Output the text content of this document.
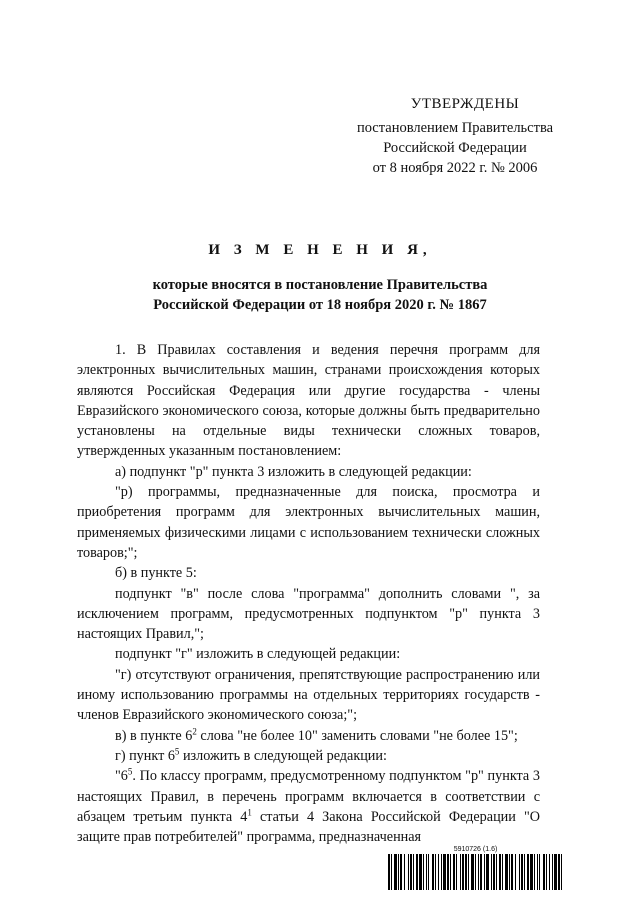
УТВЕРЖДЕНЫ
постановлением Правительства
Российской Федерации
от 8 ноября 2022 г. № 2006
И З М Е Н Е Н И Я,
которые вносятся в постановление Правительства
Российской Федерации от 18 ноября 2020 г. № 1867

1. В Правилах составления и ведения перечня программ для электронных вычислительных машин, странами происхождения которых являются Российская Федерация или другие государства - члены Евразийского экономического союза, которые должны быть предварительно установлены на отдельные виды технически сложных товаров, утвержденных указанным постановлением:

а) подпункт "р" пункта 3 изложить в следующей редакции:

"р) программы, предназначенные для поиска, просмотра и приобретения программ для электронных вычислительных машин, применяемых физическими лицами с использованием технически сложных товаров;";

б) в пункте 5:

подпункт "в" после слова "программа" дополнить словами ", за исключением программ, предусмотренных подпунктом "р" пункта 3 настоящих Правил,";

подпункт "г" изложить в следующей редакции:

"г) отсутствуют ограничения, препятствующие распространению или иному использованию программы на отдельных территориях государств - членов Евразийского экономического союза;";

в) в пункте $6^2$ слова "не более 10" заменить словами "не более 15";

г) пункт $6^5$ изложить в следующей редакции:

"$6^5$. По классу программ, предусмотренному подпунктом "р" пункта 3 настоящих Правил, в перечень программ включается в соответствии с абзацем третьим пункта $4^1$ статьи 4 Закона Российской Федерации "О защите прав потребителей" программа, предназначенная

5910726 (1.6)
